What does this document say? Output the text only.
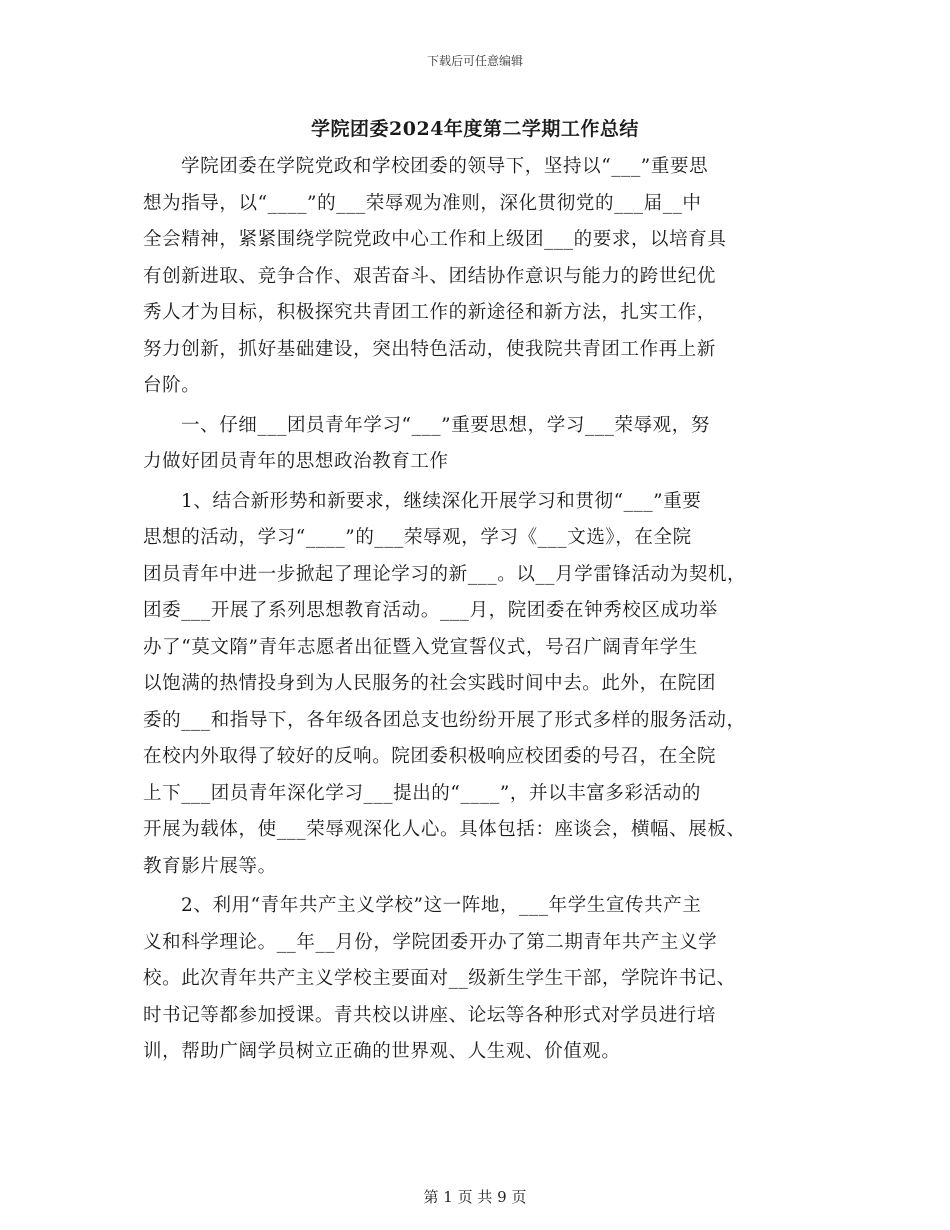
下载后可任意编辑
学院团委2024年度第二学期工作总结
学院团委在学院党政和学校团委的领导下，坚持以“___”重要思
想为指导，以“____”的___荣辱观为准则，深化贯彻党的___届__中
全会精神，紧紧围绕学院党政中心工作和上级团___的要求，以培育具
有创新进取、竞争合作、艰苦奋斗、团结协作意识与能力的跨世纪优
秀人才为目标，积极探究共青团工作的新途径和新方法，扎实工作，
努力创新，抓好基础建设，突出特色活动，使我院共青团工作再上新
台阶。
一、仔细___团员青年学习“___”重要思想，学习___荣辱观，努
力做好团员青年的思想政治教育工作
1、结合新形势和新要求，继续深化开展学习和贯彻“___”重要
思想的活动，学习“____”的___荣辱观，学习《___文选》，在全院
团员青年中进一步掀起了理论学习的新___。以__月学雷锋活动为契机，
团委___开展了系列思想教育活动。___月，院团委在钟秀校区成功举
办了“莫文隋”青年志愿者出征暨入党宣誓仪式，号召广阔青年学生
以饱满的热情投身到为人民服务的社会实践时间中去。此外，在院团
委的___和指导下，各年级各团总支也纷纷开展了形式多样的服务活动，
在校内外取得了较好的反响。院团委积极响应校团委的号召，在全院
上下___团员青年深化学习___提出的“____”，并以丰富多彩活动的
开展为载体，使___荣辱观深化人心。具体包括：座谈会，横幅、展板、
教育影片展等。
2、利用“青年共产主义学校”这一阵地，___年学生宣传共产主
义和科学理论。__年__月份，学院团委开办了第二期青年共产主义学
校。此次青年共产主义学校主要面对__级新生学生干部，学院许书记、
时书记等都参加授课。青共校以讲座、论坛等各种形式对学员进行培
训，帮助广阔学员树立正确的世界观、人生观、价值观。
第 1 页 共 9 页
